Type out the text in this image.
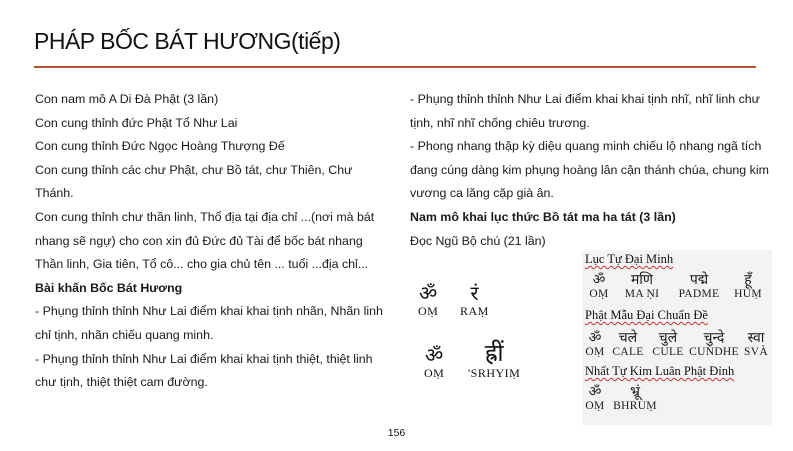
PHÁP BỐC BÁT HƯƠNG(tiếp)

Con nam mô A Di Đà Phật (3 lần)

Con cung thỉnh đức Phật Tổ Như Lai

Con cung thỉnh Đức Ngọc Hoàng Thượng Đế

Con cung thỉnh các chư Phật, chư Bồ tát, chư Thiên, Chư Thánh.

Con cung thỉnh chư thần linh, Thổ địa tại địa chỉ ...(nơi mà bát nhang sẽ ngự) cho con xin đủ Đức đủ Tài để bốc bát nhang Thần linh, Gia tiên, Tổ cô... cho gia chủ tên ... tuổi ...địa chỉ...

Bài khấn Bốc Bát Hương

- Phụng thỉnh thỉnh Như Lai điểm khai khai tịnh nhãn, Nhãn linh chỉ tịnh, nhãn chiếu quang minh.

- Phụng thỉnh thỉnh Như Lai điểm khai khai tịnh thiệt, thiệt linh chư tịnh, thiệt thiệt cam đường.

- Phụng thỉnh thỉnh Như Lai điểm khai khai tịnh nhĩ, nhĩ linh chư tịnh, nhĩ nhĩ chống chiêu trương.

- Phong nhang thập kỳ diệu quang minh chiếu lộ nhang ngã tích đang cúng dàng kim phụng hoàng lân cận thánh chúa, chung kim vương ca lăng cặp già ân.

Nam mô khai lục thức Bồ tát ma ha tát (3 lần)

Đọc Ngũ Bộ chú (21 lần)

ॐ
OṂ
रं
RAṂ
ॐ
OṂ
ह्रीं
'SRHYIṂ
Lục Tự Đại Minh
ॐ
OṂ
मणि
MA ṆI
पद्मे
PADME
हूँ
HÙṂ
Phật Mẫu Đại Chuẩn Đề
ॐ
OṂ
चले
CALE
चुले
CULE
चुन्दे
CUṄDHE
स्वा
SVÀ
Nhất Tự Kim Luân Phật Đỉnh
ॐ
OṂ
भ्रूं
BHRÙṂ
156
